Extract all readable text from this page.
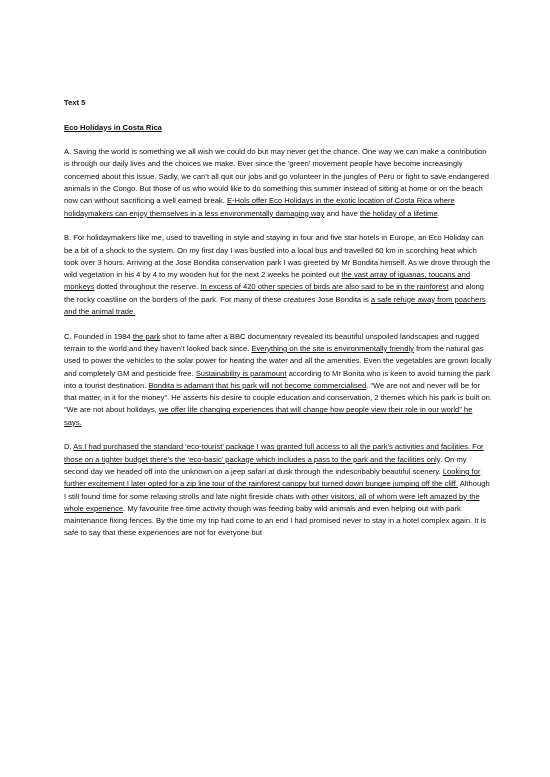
Text 5
Eco Holidays in Costa Rica

A. Saving the world is something we all wish we could do but may never get the chance. One way we can make a contribution is through our daily lives and the choices we make. Ever since the ‘green’ movement people have become increasingly concerned about this issue. Sadly, we can’t all quit our jobs and go volunteer in the jungles of Peru or fight to save endangered animals in the Congo. But those of us who would like to do something this summer instead of sitting at home or on the beach now can without sacrificing a well earned break. E-Hols offer Eco Holidays in the exotic location of Costa Rica where holidaymakers can enjoy themselves in a less environmentally damaging way and have the holiday of a lifetime.

B. For holidaymakers like me, used to travelling in style and staying in four and five star hotels in Europe, an Eco Holiday can be a bit of a shock to the system. On my first day I was bustled into a local bus and travelled 60 km in scorching heat which took over 3 hours. Arriving at the Jose Bondita conservation park I was greeted by Mr Bondita himself. As we drove through the wild vegetation in his 4 by 4 to my wooden hut for the next 2 weeks he pointed out the vast array of iguanas, toucans and monkeys dotted throughout the reserve. In excess of 420 other species of birds are also said to be in the rainforest and along the rocky coastline on the borders of the park. For many of these creatures Jose Bondita is a safe refuge away from poachers and the animal trade.

C. Founded in 1984 the park shot to fame after a BBC documentary revealed its beautiful unspoiled landscapes and rugged terrain to the world and they haven’t looked back since. Everything on the site is environmentally friendly from the natural gas used to power the vehicles to the solar power for heating the water and all the amenities. Even the vegetables are grown locally and completely GM and pesticide free. Sustainability is paramount according to Mr Bonita who is keen to avoid turning the park into a tourist destination. Bondita is adamant that his park will not become commercialised. “We are not and never will be for that matter, in it for the money”. He asserts his desire to couple education and conservation, 2 themes which his park is built on. “We are not about holidays, we offer life changing experiences that will change how people view their role in our world” he says.

D. As I had purchased the standard ‘eco-tourist’ package I was granted full access to all the park’s activities and facilities. For those on a tighter budget there’s the ‘eco-basic’ package which includes a pass to the park and the facilities only. On my second day we headed off into the unknown on a jeep safari at dusk through the indescribably beautiful scenery. Looking for further excitement I later opted for a zip line tour of the rainforest canopy but turned down bungee jumping off the cliff. Although I still found time for some relaxing strolls and late night fireside chats with other visitors, all of whom were left amazed by the whole experience. My favourite free time activity though was feeding baby wild animals and even helping out with park maintenance fixing fences. By the time my trip had come to an end I had promised never to stay in a hotel complex again. It is safe to say that these experiences are not for everyone but
